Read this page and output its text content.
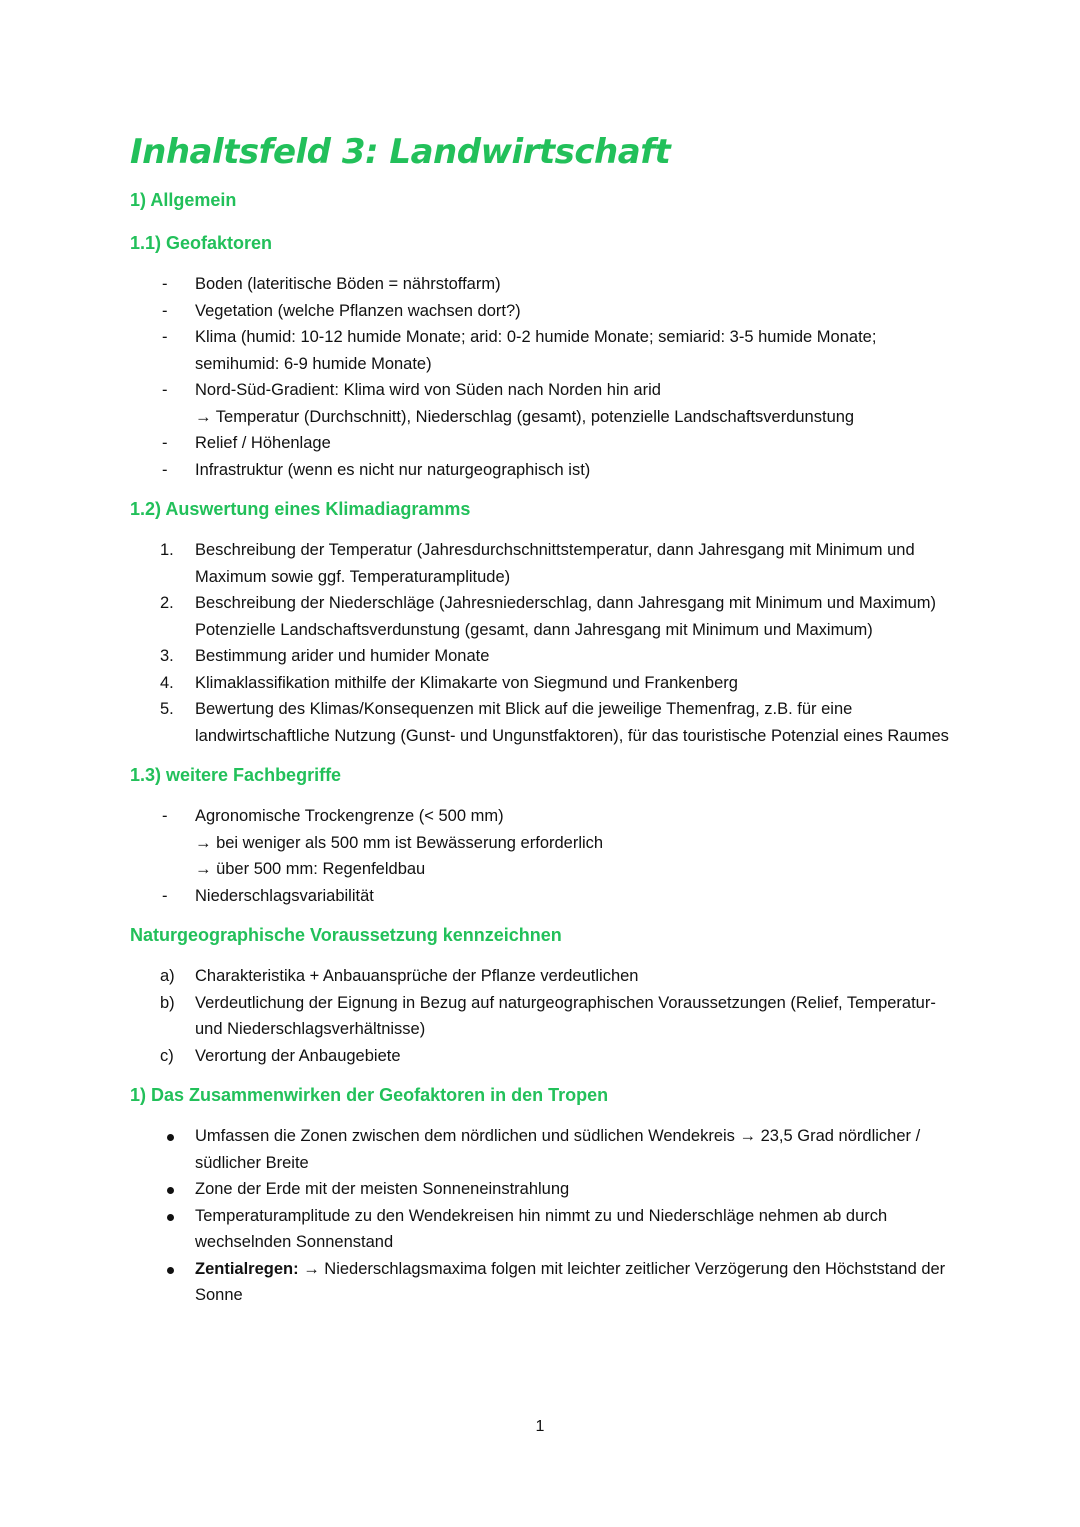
Inhaltsfeld 3: Landwirtschaft
1) Allgemein
1.1) Geofaktoren
-	Boden (lateritische Böden = nährstoffarm)
-	Vegetation (welche Pflanzen wachsen dort?)
-	Klima (humid: 10-12 humide Monate; arid: 0-2 humide Monate; semiarid: 3-5 humide Monate; semihumid: 6-9 humide Monate)
-	Nord-Süd-Gradient: Klima wird von Süden nach Norden hin arid
→ Temperatur (Durchschnitt), Niederschlag (gesamt), potenzielle Landschaftsverdunstung
-	Relief / Höhenlage
-	Infrastruktur (wenn es nicht nur naturgeographisch ist)
1.2) Auswertung eines Klimadiagramms
1.	Beschreibung der Temperatur (Jahresdurchschnittstemperatur, dann Jahresgang mit Minimum und Maximum sowie ggf. Temperaturamplitude)
2.	Beschreibung der Niederschläge (Jahresniederschlag, dann Jahresgang mit Minimum und Maximum)
Potenzielle Landschaftsverdunstung (gesamt, dann Jahresgang mit Minimum und Maximum)
3.	Bestimmung arider und humider Monate
4.	Klimaklassifikation mithilfe der Klimakarte von Siegmund und Frankenberg
5.	Bewertung des Klimas/Konsequenzen mit Blick auf die jeweilige Themenfrag, z.B. für eine landwirtschaftliche Nutzung (Gunst- und Ungunstfaktoren), für das touristische Potenzial eines Raumes
1.3) weitere Fachbegriffe
-	Agronomische Trockengrenze (< 500 mm)
→ bei weniger als 500 mm ist Bewässerung erforderlich
→ über 500 mm: Regenfeldbau
-	Niederschlagsvariabilität
Naturgeographische Voraussetzung kennzeichnen
a)	Charakteristika + Anbauansprüche der Pflanze verdeutlichen
b)	Verdeutlichung der Eignung in Bezug auf naturgeographischen Voraussetzungen (Relief, Temperatur- und Niederschlagsverhältnisse)
c)	Verortung der Anbaugebiete
1) Das Zusammenwirken der Geofaktoren in den Tropen
Umfassen die Zonen zwischen dem nördlichen und südlichen Wendekreis → 23,5 Grad nördlicher / südlicher Breite
Zone der Erde mit der meisten Sonneneinstrahlung
Temperaturamplitude zu den Wendekreisen hin nimmt zu und Niederschläge nehmen ab durch wechselnden Sonnenstand
Zentialregen: → Niederschlagsmaxima folgen mit leichter zeitlicher Verzögerung den Höchststand der Sonne
1
